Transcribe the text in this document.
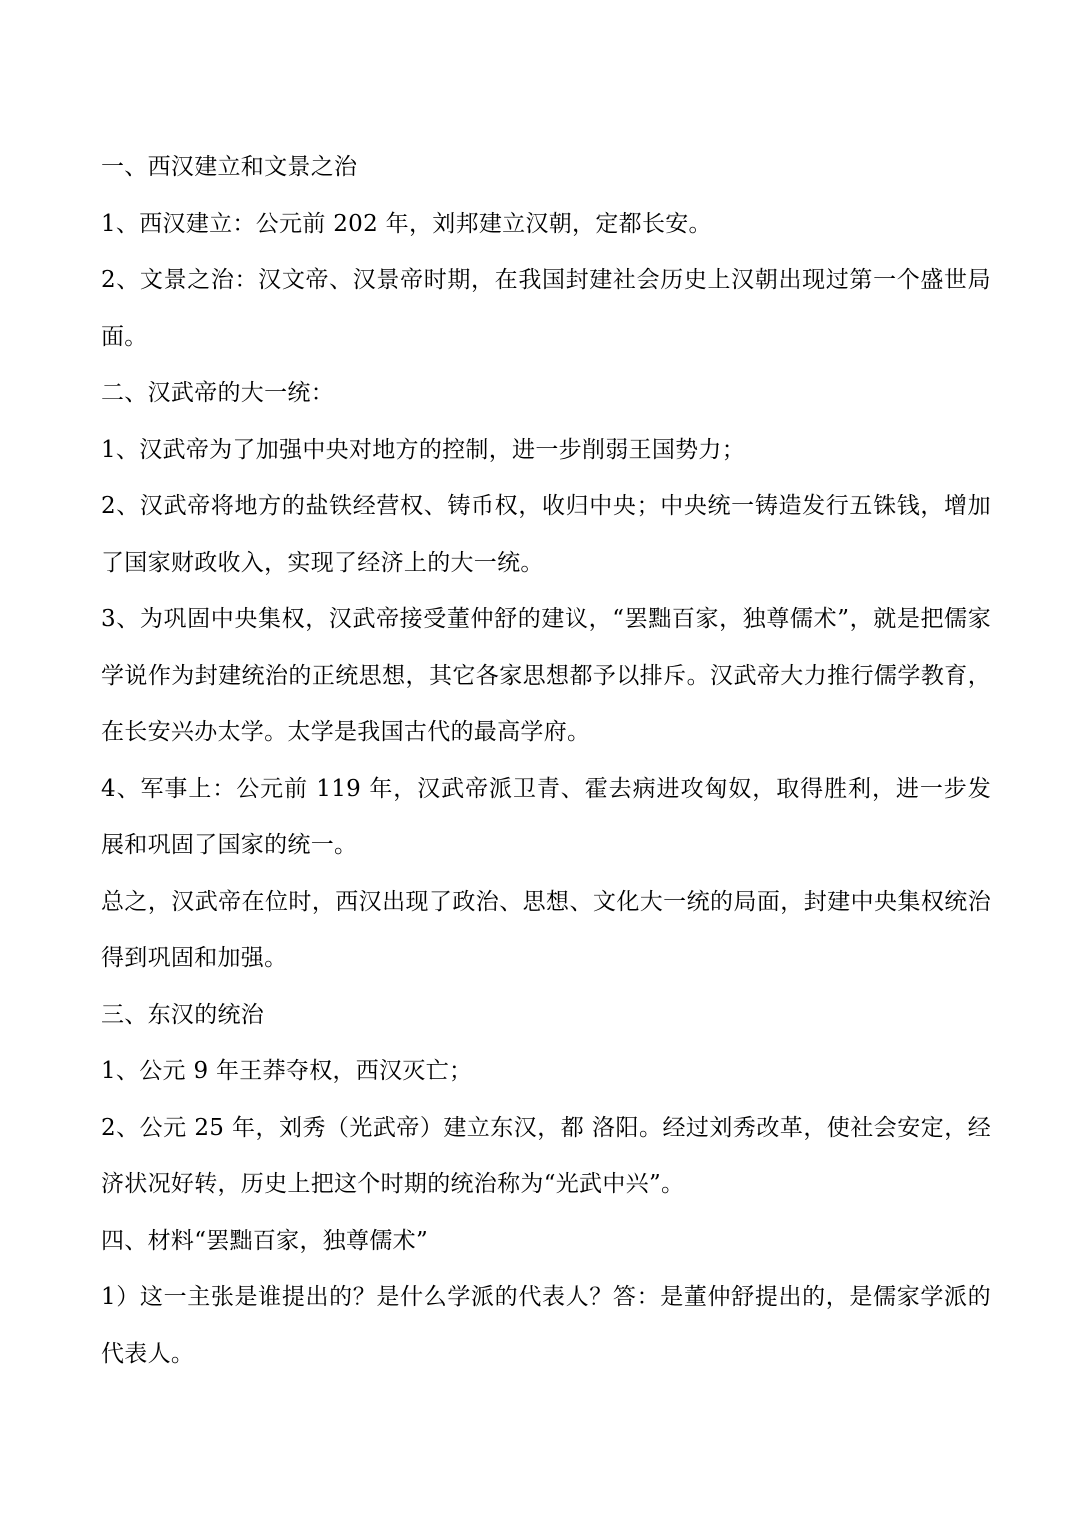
一、西汉建立和文景之治

1、西汉建立：公元前 202 年，刘邦建立汉朝，定都长安。

2、文景之治：汉文帝、汉景帝时期，在我国封建社会历史上汉朝出现过第一个盛世局面。

二、汉武帝的大一统：

1、汉武帝为了加强中央对地方的控制，进一步削弱王国势力；

2、汉武帝将地方的盐铁经营权、铸币权，收归中央；中央统一铸造发行五铢钱，增加了国家财政收入，实现了经济上的大一统。

3、为巩固中央集权，汉武帝接受董仲舒的建议，“罢黜百家，独尊儒术”，就是把儒家学说作为封建统治的正统思想，其它各家思想都予以排斥。汉武帝大力推行儒学教育，在长安兴办太学。太学是我国古代的最高学府。

4、军事上：公元前 119 年，汉武帝派卫青、霍去病进攻匈奴，取得胜利，进一步发展和巩固了国家的统一。

总之，汉武帝在位时，西汉出现了政治、思想、文化大一统的局面，封建中央集权统治得到巩固和加强。

三、东汉的统治

1、公元 9 年王莽夺权，西汉灭亡；

2、公元 25 年，刘秀（光武帝）建立东汉，都 洛阳。经过刘秀改革，使社会安定，经济状况好转，历史上把这个时期的统治称为“光武中兴”。

四、材料“罢黜百家，独尊儒术”

1）这一主张是谁提出的？是什么学派的代表人？答：是董仲舒提出的，是儒家学派的代表人。
